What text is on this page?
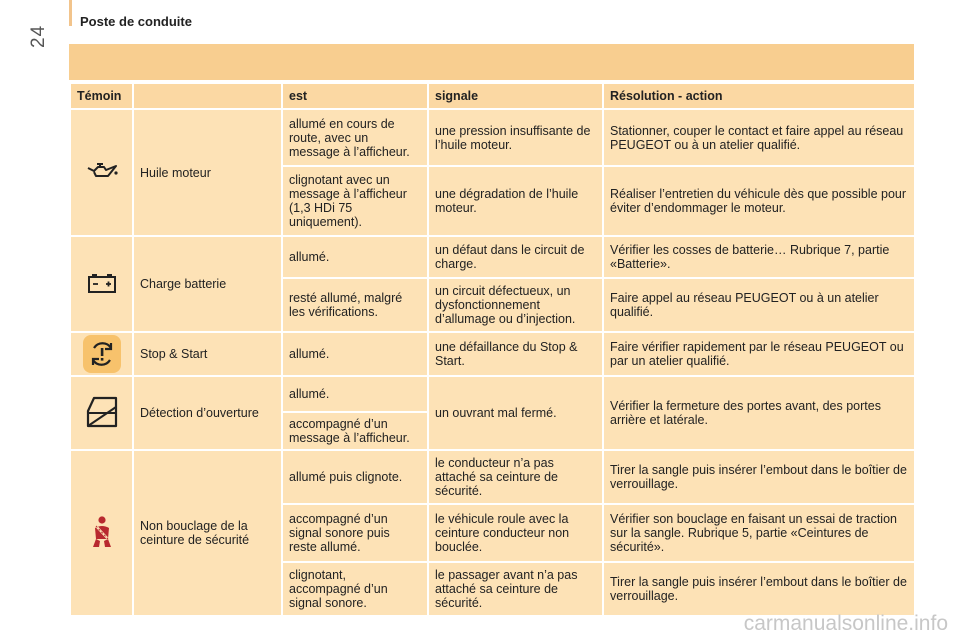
24
Poste de conduite
Témoin		est	signale	Résolution - action
	Huile moteur	allumé en cours de route, avec un message à l’afficheur.	une pression insuffisante de l’huile moteur.	Stationner, couper le contact et faire appel au réseau PEUGEOT ou à un atelier qualifié.
		clignotant avec un message à l’afficheur (1,3 HDi 75 uniquement).	une dégradation de l’huile moteur.	Réaliser l’entretien du véhicule dès que possible pour éviter d’endommager le moteur.
	Charge batterie	allumé.	un défaut dans le circuit de charge.	Vérifier les cosses de batterie… Rubrique 7, partie «Batterie».
		resté allumé, malgré les vérifications.	un circuit défectueux, un dysfonctionnement d’allumage ou d’injection.	Faire appel au réseau PEUGEOT ou à un atelier qualifié.

	Stop & Start	allumé.	une défaillance du Stop & Start.	Faire vérifier rapidement par le réseau PEUGEOT ou par un atelier qualifié.
	Détection d’ouverture	allumé.	un ouvrant mal fermé.	Vérifier la fermeture des portes avant, des portes arrière et latérale.
		accompagné d’un message à l’afficheur.		
	Non bouclage de la ceinture de sécurité	allumé puis clignote.	le conducteur n’a pas attaché sa ceinture de sécurité.	Tirer la sangle puis insérer l’embout dans le boîtier de verrouillage.
		accompagné d’un signal sonore puis reste allumé.	le véhicule roule avec la ceinture conducteur non bouclée.	Vérifier son bouclage en faisant un essai de traction sur la sangle. Rubrique 5, partie «Ceintures de sécurité».
		clignotant, accompagné d’un signal sonore.	le passager avant n’a pas attaché sa ceinture de sécurité.	Tirer la sangle puis insérer l’embout dans le boîtier de verrouillage.
carmanualsonline.info
